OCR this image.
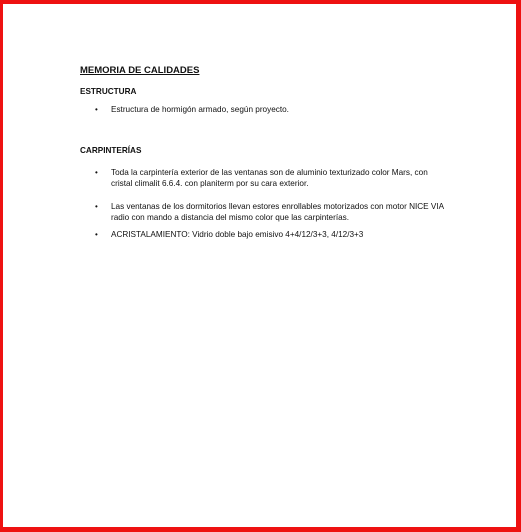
MEMORIA DE CALIDADES
ESTRUCTURA
• Estructura de hormigón armado, según proyecto.
CARPINTERÍAS
• Toda la carpintería exterior de las ventanas son de aluminio texturizado color Mars, con cristal climalit 6.6.4. con planiterm por su cara exterior.
• Las ventanas de los dormitorios llevan estores enrollables motorizados con motor NICE VIA radio con mando a distancia del mismo color que las carpinterías.
• ACRISTALAMIENTO: Vidrio doble bajo emisivo 4+4/12/3+3, 4/12/3+3
